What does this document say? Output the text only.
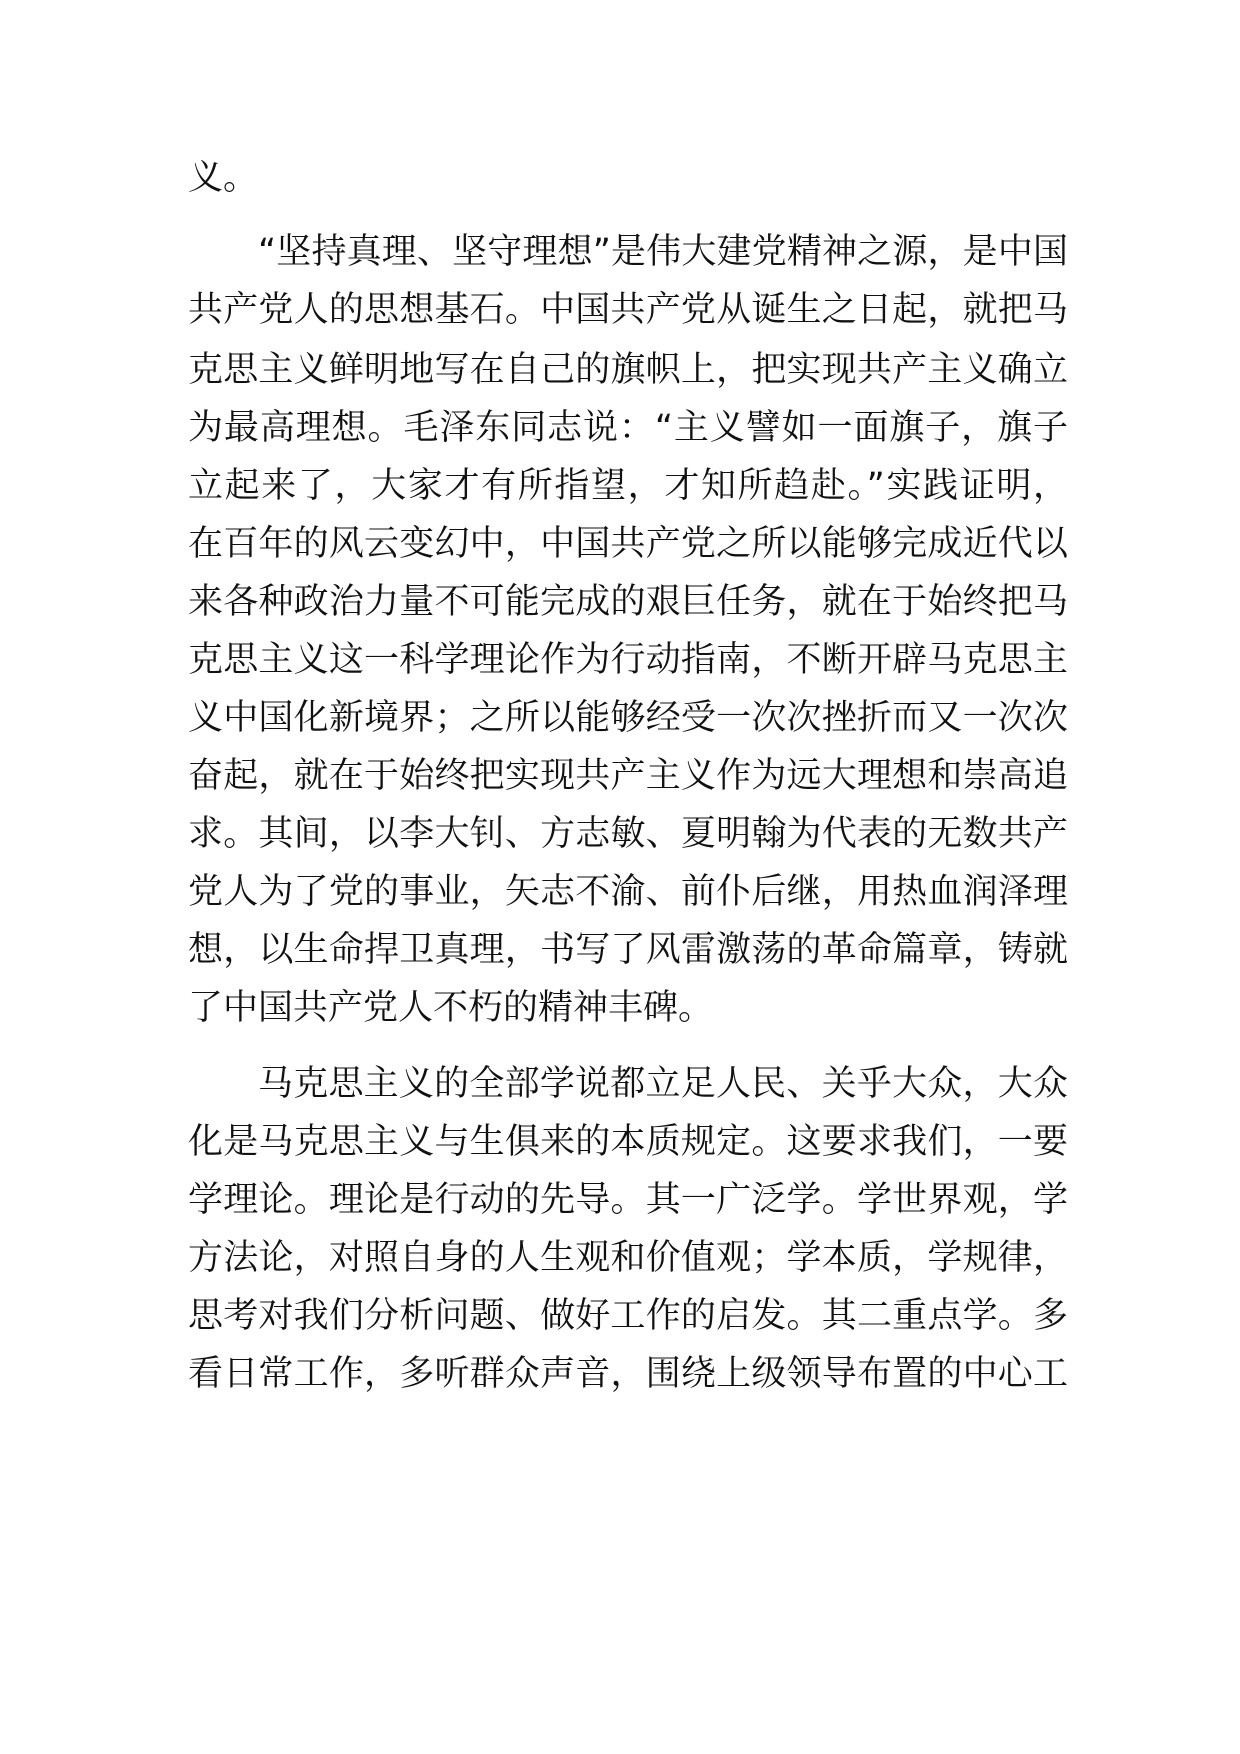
义。
“坚持真理、坚守理想”是伟大建党精神之源，是中国
共产党人的思想基石。中国共产党从诞生之日起，就把马
克思主义鲜明地写在自己的旗帜上，把实现共产主义确立
为最高理想。毛泽东同志说：“主义譬如一面旗子，旗子
立起来了，大家才有所指望，才知所趋赴。”实践证明，
在百年的风云变幻中，中国共产党之所以能够完成近代以
来各种政治力量不可能完成的艰巨任务，就在于始终把马
克思主义这一科学理论作为行动指南，不断开辟马克思主
义中国化新境界；之所以能够经受一次次挫折而又一次次
奋起，就在于始终把实现共产主义作为远大理想和崇高追
求。其间，以李大钊、方志敏、夏明翰为代表的无数共产
党人为了党的事业，矢志不渝、前仆后继，用热血润泽理
想，以生命捍卫真理，书写了风雷激荡的革命篇章，铸就
了中国共产党人不朽的精神丰碑。
马克思主义的全部学说都立足人民、关乎大众，大众
化是马克思主义与生俱来的本质规定。这要求我们，一要
学理论。理论是行动的先导。其一广泛学。学世界观，学
方法论，对照自身的人生观和价值观；学本质，学规律，
思考对我们分析问题、做好工作的启发。其二重点学。多
看日常工作，多听群众声音，围绕上级领导布置的中心工
